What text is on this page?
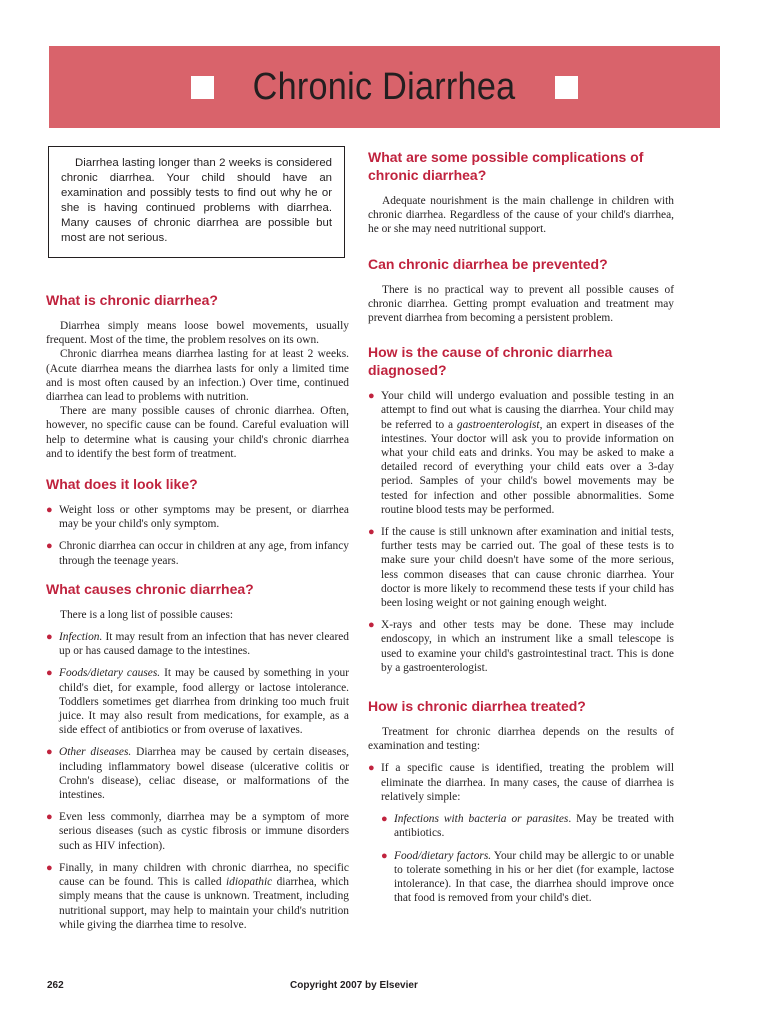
Chronic Diarrhea

Diarrhea lasting longer than 2 weeks is considered chronic diarrhea. Your child should have an examination and possibly tests to find out why he or she is having continued problems with diarrhea. Many causes of chronic diarrhea are possible but most are not serious.

What is chronic diarrhea?

Diarrhea simply means loose bowel movements, usually frequent. Most of the time, the problem resolves on its own.

Chronic diarrhea means diarrhea lasting for at least 2 weeks. (Acute diarrhea means the diarrhea lasts for only a limited time and is most often caused by an infection.) Over time, continued diarrhea can lead to problems with nutrition.

There are many possible causes of chronic diarrhea. Often, however, no specific cause can be found. Careful evaluation will help to determine what is causing your child's chronic diarrhea and to identify the best form of treatment.

What does it look like?
● Weight loss or other symptoms may be present, or diarrhea may be your child's only symptom.
● Chronic diarrhea can occur in children at any age, from infancy through the teenage years.
What causes chronic diarrhea?

There is a long list of possible causes:

● Infection. It may result from an infection that has never cleared up or has caused damage to the intestines.
● Foods/dietary causes. It may be caused by something in your child's diet, for example, food allergy or lactose intolerance. Toddlers sometimes get diarrhea from drinking too much fruit juice. It may also result from medications, for example, as a side effect of antibiotics or from overuse of laxatives.
● Other diseases. Diarrhea may be caused by certain diseases, including inflammatory bowel disease (ulcerative colitis or Crohn's disease), celiac disease, or malformations of the intestines.
● Even less commonly, diarrhea may be a symptom of more serious diseases (such as cystic fibrosis or immune disorders such as HIV infection).
● Finally, in many children with chronic diarrhea, no specific cause can be found. This is called idiopathic diarrhea, which simply means that the cause is unknown. Treatment, including nutritional support, may help to maintain your child's nutrition while giving the diarrhea time to resolve.
What are some possible complications of chronic diarrhea?

Adequate nourishment is the main challenge in children with chronic diarrhea. Regardless of the cause of your child's diarrhea, he or she may need nutritional support.

Can chronic diarrhea be prevented?

There is no practical way to prevent all possible causes of chronic diarrhea. Getting prompt evaluation and treatment may prevent diarrhea from becoming a persistent problem.

How is the cause of chronic diarrhea diagnosed?
● Your child will undergo evaluation and possible testing in an attempt to find out what is causing the diarrhea. Your child may be referred to a gastroenterologist, an expert in diseases of the intestines. Your doctor will ask you to provide information on what your child eats and drinks. You may be asked to make a detailed record of everything your child eats over a 3-day period. Samples of your child's bowel movements may be tested for infection and other possible abnormalities. Some routine blood tests may be performed.
● If the cause is still unknown after examination and initial tests, further tests may be carried out. The goal of these tests is to make sure your child doesn't have some of the more serious, less common diseases that can cause chronic diarrhea. Your doctor is more likely to recommend these tests if your child has been losing weight or not gaining enough weight.
● X-rays and other tests may be done. These may include endoscopy, in which an instrument like a small telescope is used to examine your child's gastrointestinal tract. This is done by a gastroenterologist.
How is chronic diarrhea treated?

Treatment for chronic diarrhea depends on the results of examination and testing:

● If a specific cause is identified, treating the problem will eliminate the diarrhea. In many cases, the cause of diarrhea is relatively simple:
● Infections with bacteria or parasites. May be treated with antibiotics.
● Food/dietary factors. Your child may be allergic to or unable to tolerate something in his or her diet (for example, lactose intolerance). In that case, the diarrhea should improve once that food is removed from your child's diet.
262	Copyright 2007 by Elsevier
